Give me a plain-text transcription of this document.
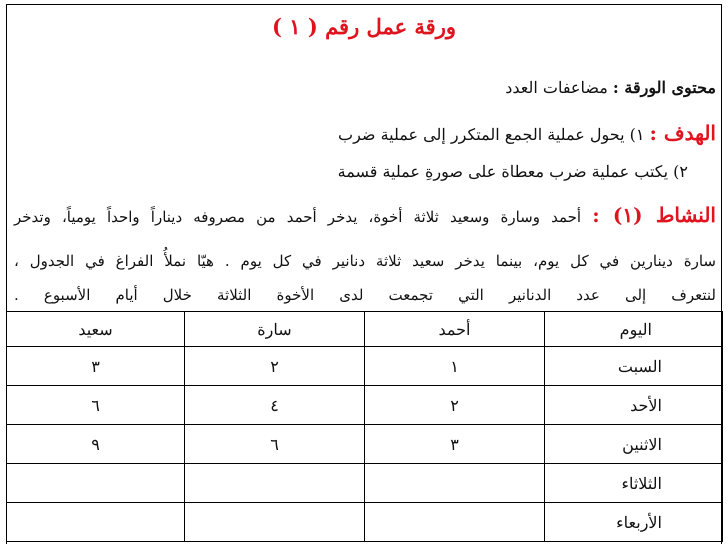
ورقة عمل رقم ( ١ )
محتوى الورقة : مضاعفات العدد
الهدف : ١) يحول عملية الجمع المتكرر إلى عملية ضرب
٢) يكتب عملية ضرب معطاة على صورةِ عملية قسمة
النشاط (١) : أحمد وسارة وسعيد ثلاثة أخوة، يدخر أحمد من مصروفه ديناراً واحداً يومياً، وتدخر
سارة دينارين في كل يوم، بينما يدخر سعيد ثلاثة دنانير في كل يوم . هيّا نملأُ الفراغ في الجدول ،
لنتعرف إلى عدد الدنانير التي تجمعت لدى الأخوة الثلاثة خلال أيام الأسبوع .
اليوم	أحمد	سارة	سعيد
السبت	١	٢	٣
الأحد	٢	٤	٦
الاثنين	٣	٦	٩
الثلاثاء			
الأربعاء			
